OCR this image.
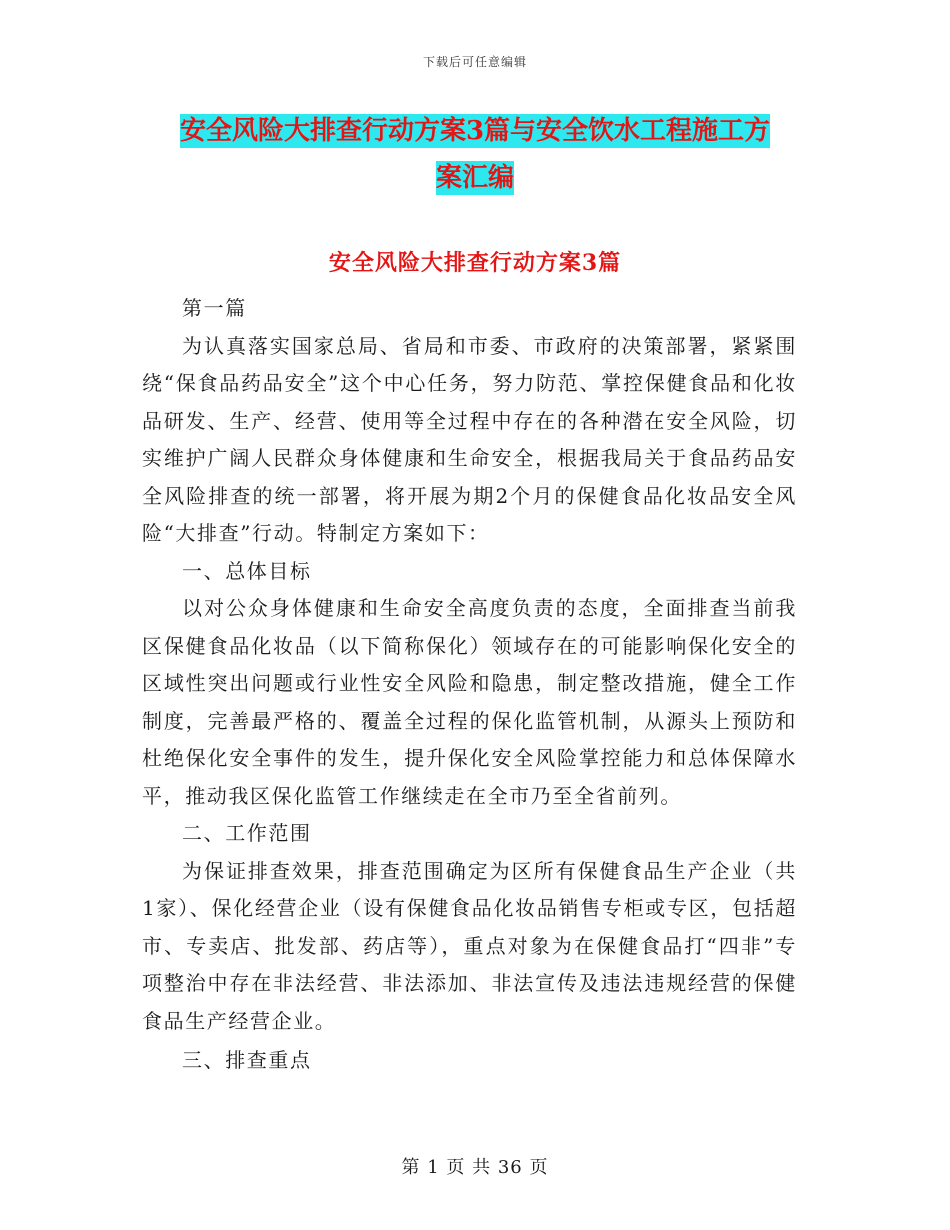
下载后可任意编辑
安全风险大排查行动方案3篇与安全饮水工程施工方
案汇编
安全风险大排查行动方案3篇

第一篇

为认真落实国家总局、省局和市委、市政府的决策部署，紧紧围绕“保食品药品安全”这个中心任务，努力防范、掌控保健食品和化妆品研发、生产、经营、使用等全过程中存在的各种潜在安全风险，切实维护广阔人民群众身体健康和生命安全，根据我局关于食品药品安全风险排查的统一部署，将开展为期2个月的保健食品化妆品安全风险“大排查”行动。特制定方案如下：

一、总体目标

以对公众身体健康和生命安全高度负责的态度，全面排查当前我区保健食品化妆品（以下简称保化）领域存在的可能影响保化安全的区域性突出问题或行业性安全风险和隐患，制定整改措施，健全工作制度，完善最严格的、覆盖全过程的保化监管机制，从源头上预防和杜绝保化安全事件的发生，提升保化安全风险掌控能力和总体保障水平，推动我区保化监管工作继续走在全市乃至全省前列。

二、工作范围

为保证排查效果，排查范围确定为区所有保健食品生产企业（共1家）、保化经营企业（设有保健食品化妆品销售专柜或专区，包括超市、专卖店、批发部、药店等），重点对象为在保健食品打“四非”专项整治中存在非法经营、非法添加、非法宣传及违法违规经营的保健食品生产经营企业。

三、排查重点

第 1 页 共 36 页
